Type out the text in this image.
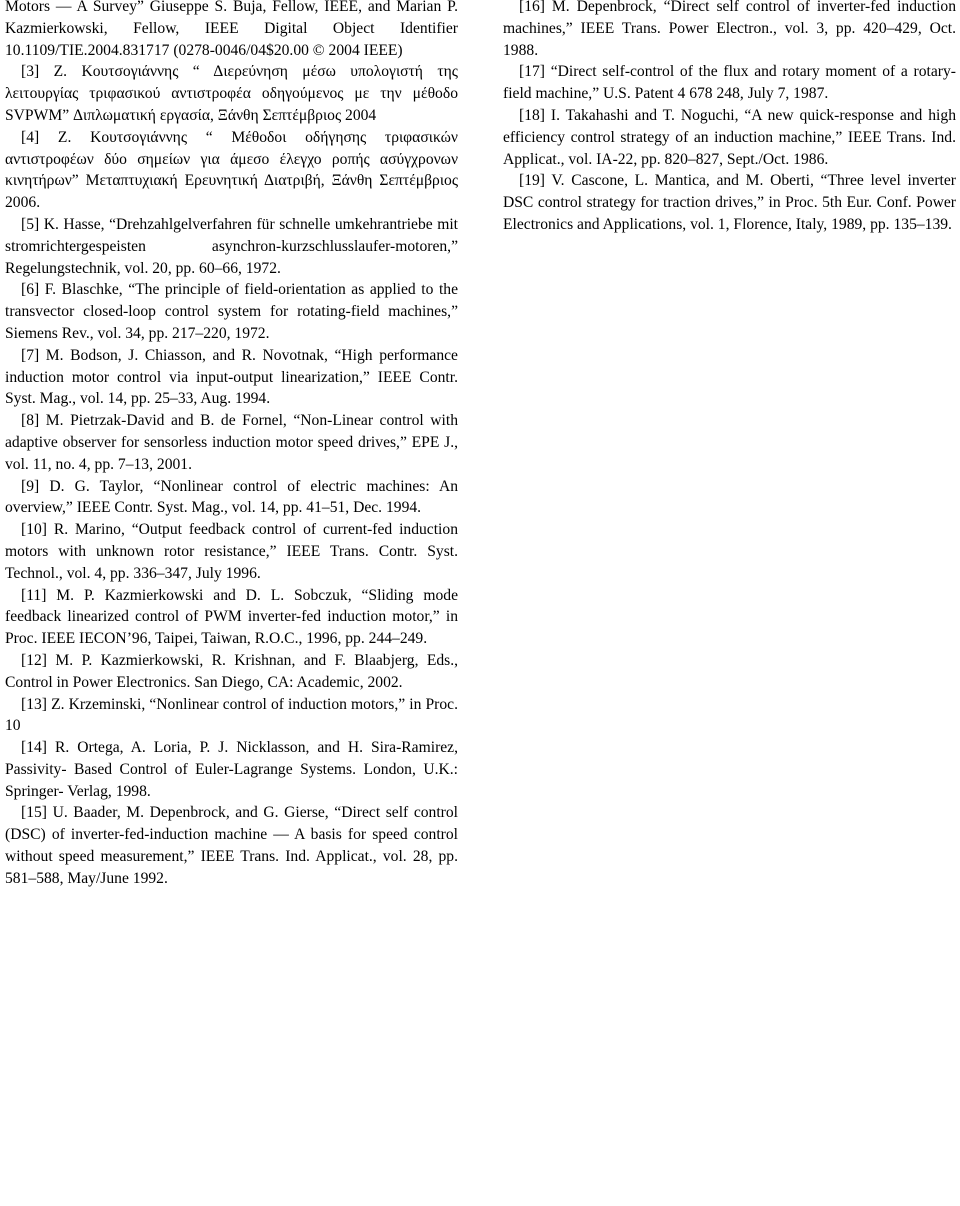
Motors — A Survey” Giuseppe S. Buja, Fellow, IEEE, and Marian P. Kazmierkowski, Fellow, IEEE Digital Object Identifier 10.1109/TIE.2004.831717 (0278-0046/04$20.00 © 2004 IEEE)

[3] Z. Κουτσογιάννης “ Διερεύνηση μέσω υπολογιστή της λειτουργίας τριφασικού αντιστροφέα οδηγούμενος με την μέθοδο SVPWM” Διπλωματική εργασία, Ξάνθη Σεπτέμβριος 2004

[4] Z. Κουτσογιάννης “ Μέθοδοι οδήγησης τριφασικών αντιστροφέων δύο σημείων για άμεσο έλεγχο ροπής ασύγχρονων κινητήρων” Μεταπτυχιακή Ερευνητική Διατριβή, Ξάνθη Σεπτέμβριος 2006.

[5] K. Hasse, “Drehzahlgelverfahren für schnelle umkehrantriebe mit stromrichtergespeisten asynchron-kurzschlusslaufer-motoren,” Regelungstechnik, vol. 20, pp. 60–66, 1972.

[6] F. Blaschke, “The principle of field-orientation as applied to the transvector closed-loop control system for rotating-field machines,” Siemens Rev., vol. 34, pp. 217–220, 1972.

[7] M. Bodson, J. Chiasson, and R. Novotnak, “High performance induction motor control via input-output linearization,” IEEE Contr. Syst. Mag., vol. 14, pp. 25–33, Aug. 1994.

[8] M. Pietrzak-David and B. de Fornel, “Non-Linear control with adaptive observer for sensorless induction motor speed drives,” EPE J., vol. 11, no. 4, pp. 7–13, 2001.

[9] D. G. Taylor, “Nonlinear control of electric machines: An overview,” IEEE Contr. Syst. Mag., vol. 14, pp. 41–51, Dec. 1994.

[10] R. Marino, “Output feedback control of current-fed induction motors with unknown rotor resistance,” IEEE Trans. Contr. Syst. Technol., vol. 4, pp. 336–347, July 1996.

[11] M. P. Kazmierkowski and D. L. Sobczuk, “Sliding mode feedback linearized control of PWM inverter-fed induction motor,” in Proc. IEEE IECON’96, Taipei, Taiwan, R.O.C., 1996, pp. 244–249.

[12] M. P. Kazmierkowski, R. Krishnan, and F. Blaabjerg, Eds., Control in Power Electronics. San Diego, CA: Academic, 2002.

[13] Z. Krzeminski, “Nonlinear control of induction motors,” in Proc. 10

[14] R. Ortega, A. Loria, P. J. Nicklasson, and H. Sira-Ramirez, Passivity- Based Control of Euler-Lagrange Systems. London, U.K.: Springer- Verlag, 1998.

[15] U. Baader, M. Depenbrock, and G. Gierse, “Direct self control (DSC) of inverter-fed-induction machine — A basis for speed control without speed measurement,” IEEE Trans. Ind. Applicat., vol. 28, pp. 581–588, May/June 1992.

[16] M. Depenbrock, “Direct self control of inverter-fed induction machines,” IEEE Trans. Power Electron., vol. 3, pp. 420–429, Oct. 1988.

[17] “Direct self-control of the flux and rotary moment of a rotary-field machine,” U.S. Patent 4 678 248, July 7, 1987.

[18] I. Takahashi and T. Noguchi, “A new quick-response and high efficiency control strategy of an induction machine,” IEEE Trans. Ind. Applicat., vol. IA-22, pp. 820–827, Sept./Oct. 1986.

[19] V. Cascone, L. Mantica, and M. Oberti, “Three level inverter DSC control strategy for traction drives,” in Proc. 5th Eur. Conf. Power Electronics and Applications, vol. 1, Florence, Italy, 1989, pp. 135–139.
